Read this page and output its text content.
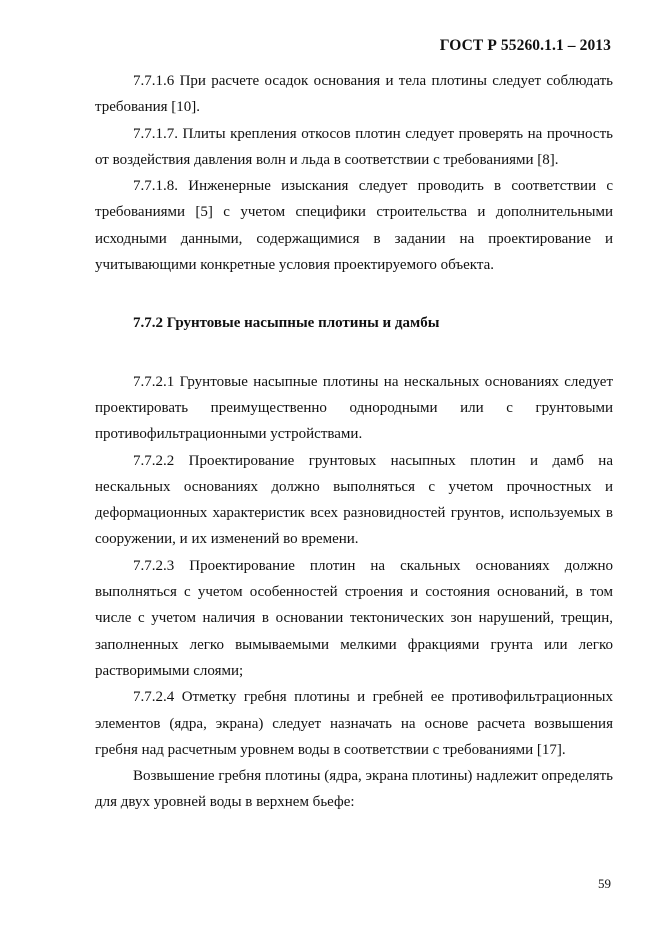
ГОСТ Р 55260.1.1 – 2013

7.7.1.6 При расчете осадок основания и тела плотины следует соблюдать требования [10].

7.7.1.7. Плиты крепления откосов плотин следует проверять на прочность от воздействия давления волн и льда в соответствии с требованиями [8].

7.7.1.8. Инженерные изыскания следует проводить в соответствии с требованиями [5] с учетом специфики строительства и дополнительными исходными данными, содержащимися в задании на проектирование и учитывающими конкретные условия проектируемого объекта.

7.7.2 Грунтовые насыпные плотины и дамбы

7.7.2.1 Грунтовые насыпные плотины на нескальных основаниях следует проектировать преимущественно однородными или с грунтовыми противофильтрационными устройствами.

7.7.2.2 Проектирование грунтовых насыпных плотин и дамб на нескальных основаниях должно выполняться с учетом прочностных и деформационных характеристик всех разновидностей грунтов, используемых в сооружении, и их изменений во времени.

7.7.2.3 Проектирование плотин на скальных основаниях должно выполняться с учетом особенностей строения и состояния оснований, в том числе с учетом наличия в основании тектонических зон нарушений, трещин, заполненных легко вымываемыми мелкими фракциями грунта или легко растворимыми слоями;

7.7.2.4 Отметку гребня плотины и гребней ее противофильтрационных элементов (ядра, экрана) следует назначать на основе расчета возвышения гребня над расчетным уровнем воды в соответствии с требованиями [17].

Возвышение гребня плотины (ядра, экрана плотины) надлежит определять для двух уровней воды в верхнем бьефе:

59
